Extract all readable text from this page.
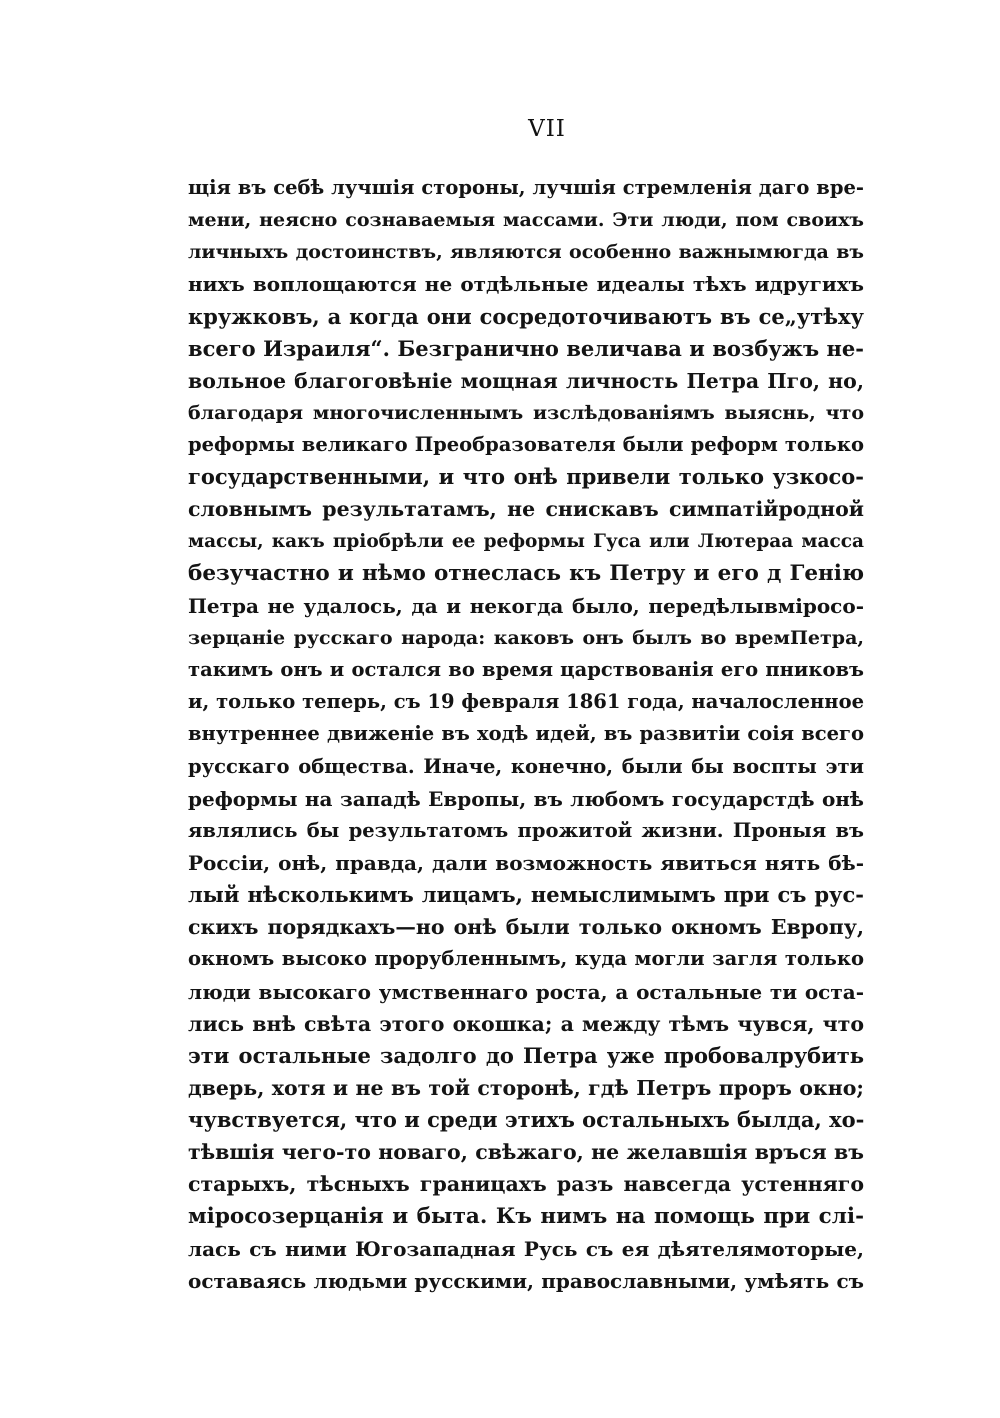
VII
щія въ себѣ лучшія стороны, лучшія стремленія даго вре-
мени, неясно сознаваемыя массами. Эти люди, пом своихъ
личныхъ достоинствъ, являются особенно важнымюгда въ
нихъ воплощаются не отдѣльные идеалы тѣхъ идругихъ
кружковъ, а когда они сосредоточиваютъ въ се„утѣху
всего Израиля“. Безгранично величава и возбужъ не-
вольное благоговѣніе мощная личность Петра Пго, но,
благодаря многочисленнымъ изслѣдованіямъ выяснь, что
реформы великаго Преобразователя были реформ только
государственными, и что онѣ привели только узкосо-
словнымъ результатамъ, не снискавъ симпатійродной
массы, какъ пріобрѣли ее реформы Гуса или Лютераа масса
безучастно и нѣмо отнеслась къ Петру и его д Генію
Петра не удалось, да и некогда было, передѣлывміросо-
зерцаніе русскаго народа: каковъ онъ былъ во времПетра,
такимъ онъ и остался во время царствованія его пниковъ
и, только теперь, съ 19 февраля 1861 года, началосленное
внутреннее движеніе въ ходѣ идей, въ развитіи соія всего
русскаго общества. Иначе, конечно, были бы воспты эти
реформы на западѣ Европы, въ любомъ государстдѣ онѣ
являлись бы результатомъ прожитой жизни. Проныя въ
Россіи, онѣ, правда, дали возможность явиться нять бѣ-
лый нѣсколькимъ лицамъ, немыслимымъ при съ рус-
скихъ порядкахъ—но онѣ были только окномъ Европу,
окномъ высоко прорубленнымъ, куда могли загля только
люди высокаго умственнаго роста, а остальные ти оста-
лись внѣ свѣта этого окошка; а между тѣмъ чувся, что
эти остальные задолго до Петра уже пробовалрубить
дверь, хотя и не въ той сторонѣ, гдѣ Петръ проръ окно;
чувствуется, что и среди этихъ остальныхъ былда, хо-
тѣвшія чего-то новаго, свѣжаго, не желавшія връся въ
старыхъ, тѣсныхъ границахъ разъ навсегда устенняго
міросозерцанія и быта. Къ нимъ на помощь при слі-
лась съ ними Югозападная Русь съ ея дѣятелямоторые,
оставаясь людьми русскими, православными, умѣять съ
